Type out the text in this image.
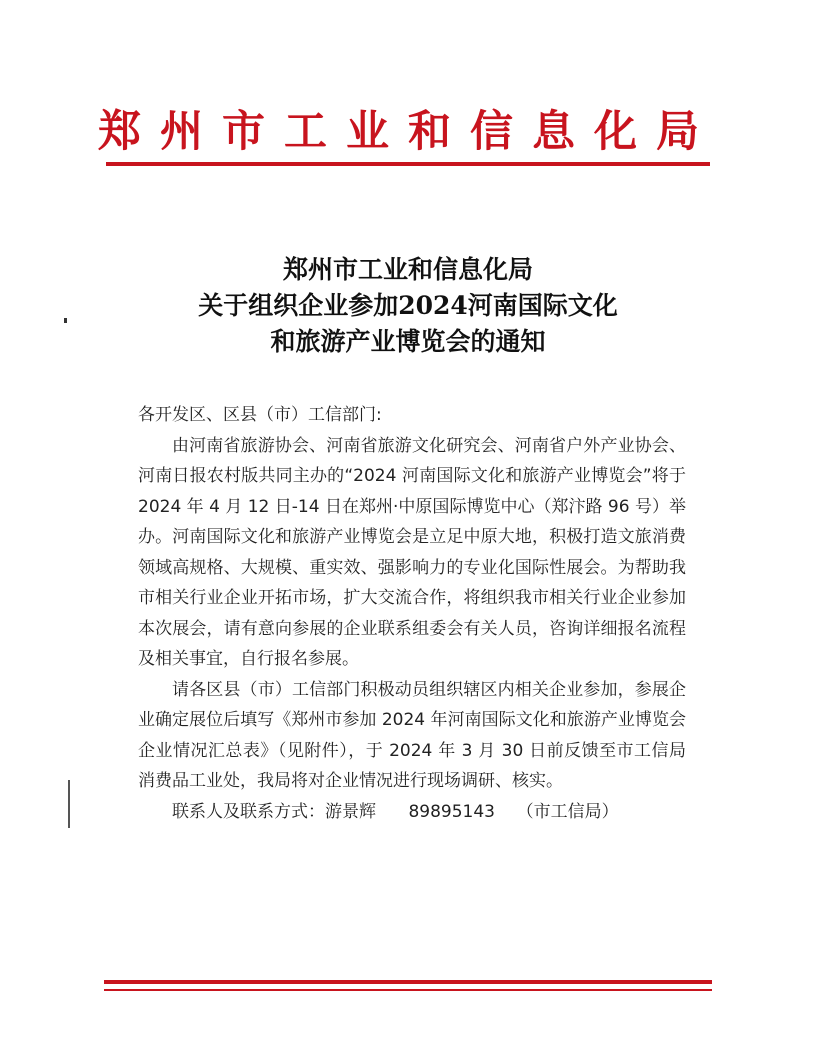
郑州市工业和信息化局
郑州市工业和信息化局
关于组织企业参加2024河南国际文化
和旅游产业博览会的通知

各开发区、区县（市）工信部门:

由河南省旅游协会、河南省旅游文化研究会、河南省户外产业协会、河南日报农村版共同主办的“2024 河南国际文化和旅游产业博览会”将于 2024 年 4 月 12 日-14 日在郑州·中原国际博览中心（郑汴路 96 号）举办。河南国际文化和旅游产业博览会是立足中原大地，积极打造文旅消费领域高规格、大规模、重实效、强影响力的专业化国际性展会。为帮助我市相关行业企业开拓市场，扩大交流合作，将组织我市相关行业企业参加本次展会，请有意向参展的企业联系组委会有关人员，咨询详细报名流程及相关事宜，自行报名参展。

请各区县（市）工信部门积极动员组织辖区内相关企业参加，参展企业确定展位后填写《郑州市参加 2024 年河南国际文化和旅游产业博览会企业情况汇总表》（见附件），于 2024 年 3 月 30 日前反馈至市工信局消费品工业处，我局将对企业情况进行现场调研、核实。

联系人及联系方式：游景辉 89895143 （市工信局）
